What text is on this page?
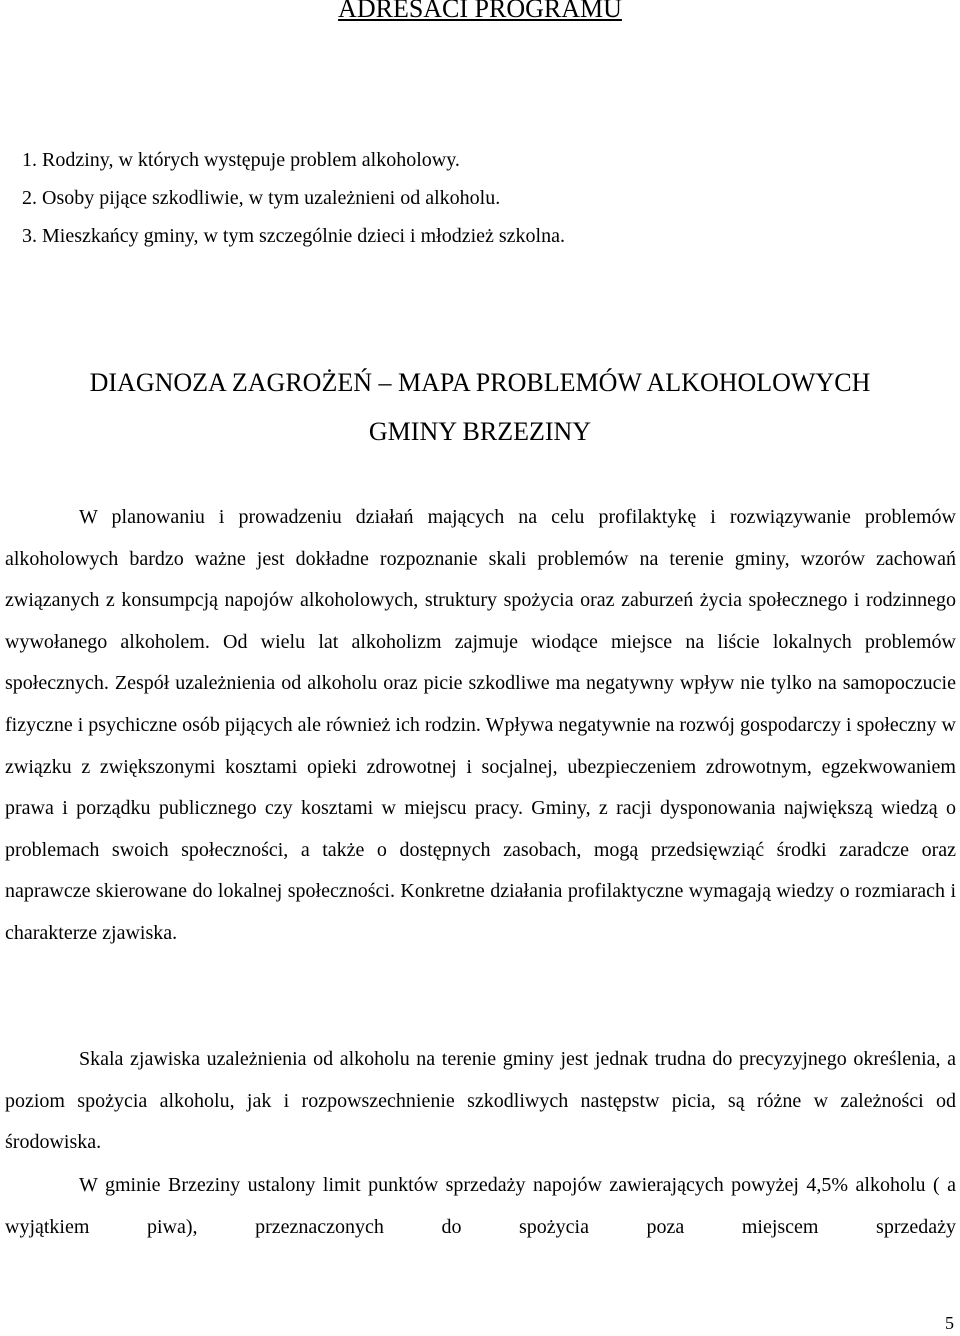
ADRESACI PROGRAMU
1. Rodziny, w których występuje problem alkoholowy.
2. Osoby pijące szkodliwie, w tym uzależnieni od alkoholu.
3. Mieszkańcy gminy, w tym szczególnie dzieci i młodzież szkolna.
DIAGNOZA ZAGROŻEŃ – MAPA PROBLEMÓW ALKOHOLOWYCH
GMINY BRZEZINY

W planowaniu i prowadzeniu działań mających na celu profilaktykę i rozwiązywanie problemów alkoholowych bardzo ważne jest dokładne rozpoznanie skali problemów na terenie gminy, wzorów zachowań związanych z konsumpcją napojów alkoholowych, struktury spożycia oraz zaburzeń życia społecznego i rodzinnego wywołanego alkoholem. Od wielu lat alkoholizm zajmuje wiodące miejsce na liście lokalnych problemów społecznych. Zespół uzależnienia od alkoholu oraz picie szkodliwe ma negatywny wpływ nie tylko na samopoczucie fizyczne i psychiczne osób pijących ale również ich rodzin. Wpływa negatywnie na rozwój gospodarczy i społeczny w związku z zwiększonymi kosztami opieki zdrowotnej i socjalnej, ubezpieczeniem zdrowotnym, egzekwowaniem prawa i porządku publicznego czy kosztami w miejscu pracy. Gminy, z racji dysponowania największą wiedzą o problemach swoich społeczności, a także o dostępnych zasobach, mogą przedsięwziąć środki zaradcze oraz naprawcze skierowane do lokalnej społeczności. Konkretne działania profilaktyczne wymagają wiedzy o rozmiarach i charakterze zjawiska.

Skala zjawiska uzależnienia od alkoholu na terenie gminy jest jednak trudna do precyzyjnego określenia, a poziom spożycia alkoholu, jak i rozpowszechnienie szkodliwych następstw picia, są różne w zależności od środowiska.

W gminie Brzeziny ustalony limit punktów sprzedaży napojów zawierających powyżej 4,5% alkoholu ( a wyjątkiem piwa), przeznaczonych do spożycia poza miejscem sprzedaży

5
